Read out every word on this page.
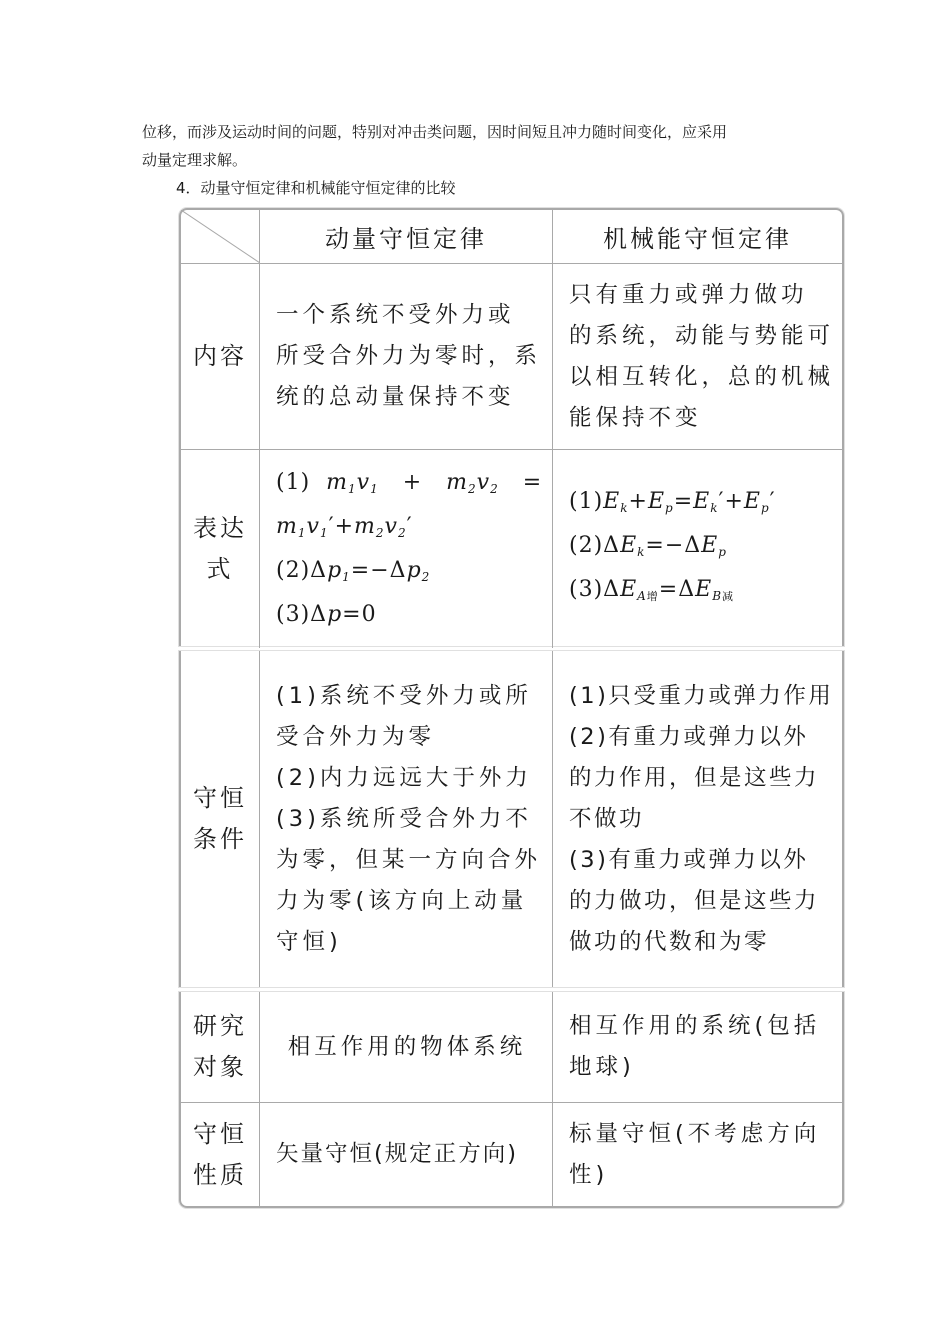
位移，而涉及运动时间的问题，特别对冲击类问题，因时间短且冲力随时间变化，应采用
动量定理求解。
4．动量守恒定律和机械能守恒定律的比较
动量守恒定律	机械能守恒定律
内容
一个系统不受外力或
所受合外力为零时，系
统的总动量保持不变
只有重力或弹力做功
的系统，动能与势能可
以相互转化，总的机械
能保持不变
表达
式
(1)  $m_1v_1 + m_2v_2$   =
$m_1v_1'+m_2v_2'$
$(2)\Delta p_1=-\Delta p_2$
(3)Δp=0
$(1)E_k+E_p=E_k'+E_p'$
$(2)\Delta E_k=-\Delta E_p$
$(3)\Delta E_A$增$=\Delta E_B$减
守恒
条件
(1)系统不受外力或所
受合外力为零
(2)内力远远大于外力
(3)系统所受合外力不
为零，但某一方向合外
力为零(该方向上动量
守恒)
(1)只受重力或弹力作用
(2)有重力或弹力以外
的力作用，但是这些力
不做功
(3)有重力或弹力以外
的力做功，但是这些力
做功的代数和为零
研究
对象
相互作用的物体系统
相互作用的系统(包括
地球)
守恒
性质
矢量守恒(规定正方向)
标量守恒(不考虑方向
性)
